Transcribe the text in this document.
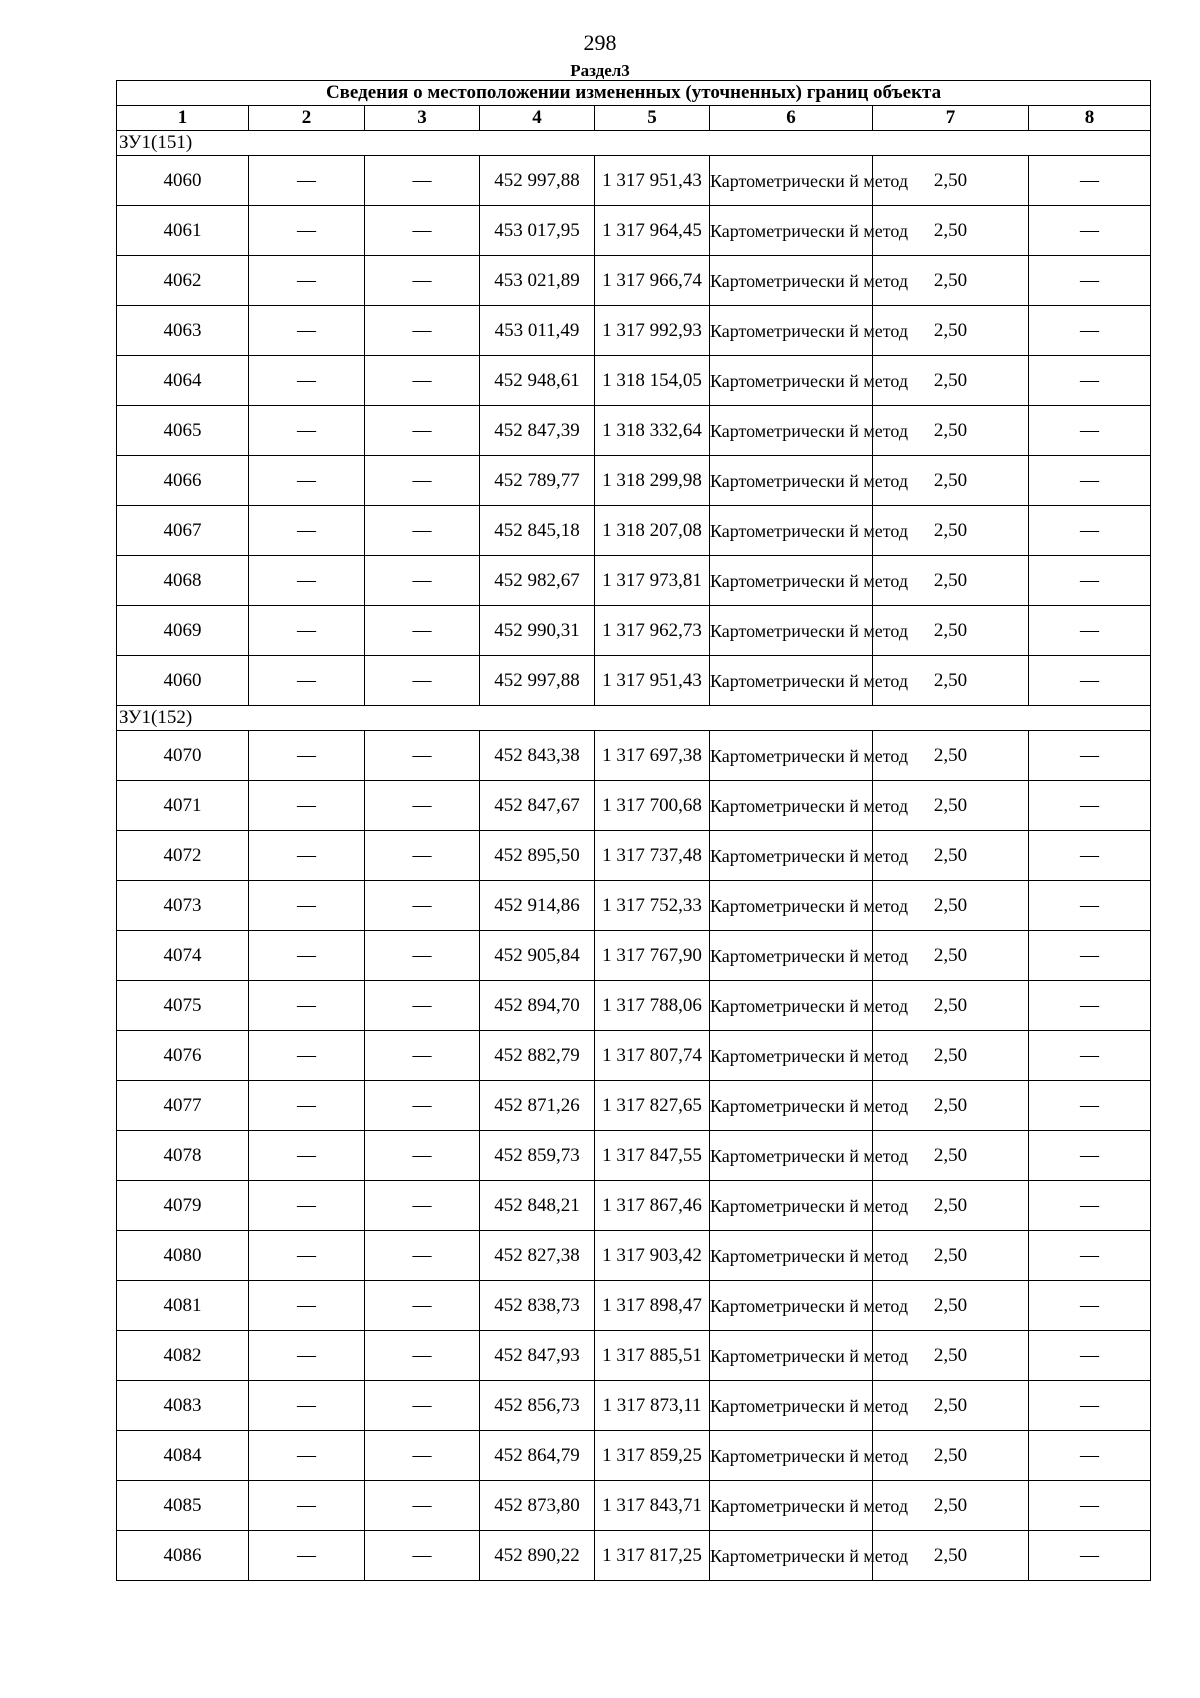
298
Раздел3
Сведения о местоположении измененных (уточненных) границ объекта							
1	2	3	4	5	6	7	8
ЗУ1(151)							
4060	—	—	452 997,88	1 317 951,43	Картометрически й метод	2,50	—
4061	—	—	453 017,95	1 317 964,45	Картометрически й метод	2,50	—
4062	—	—	453 021,89	1 317 966,74	Картометрически й метод	2,50	—
4063	—	—	453 011,49	1 317 992,93	Картометрически й метод	2,50	—
4064	—	—	452 948,61	1 318 154,05	Картометрически й метод	2,50	—
4065	—	—	452 847,39	1 318 332,64	Картометрически й метод	2,50	—
4066	—	—	452 789,77	1 318 299,98	Картометрически й метод	2,50	—
4067	—	—	452 845,18	1 318 207,08	Картометрически й метод	2,50	—
4068	—	—	452 982,67	1 317 973,81	Картометрически й метод	2,50	—
4069	—	—	452 990,31	1 317 962,73	Картометрически й метод	2,50	—
4060	—	—	452 997,88	1 317 951,43	Картометрически й метод	2,50	—
ЗУ1(152)							
4070	—	—	452 843,38	1 317 697,38	Картометрически й метод	2,50	—
4071	—	—	452 847,67	1 317 700,68	Картометрически й метод	2,50	—
4072	—	—	452 895,50	1 317 737,48	Картометрически й метод	2,50	—
4073	—	—	452 914,86	1 317 752,33	Картометрически й метод	2,50	—
4074	—	—	452 905,84	1 317 767,90	Картометрически й метод	2,50	—
4075	—	—	452 894,70	1 317 788,06	Картометрически й метод	2,50	—
4076	—	—	452 882,79	1 317 807,74	Картометрически й метод	2,50	—
4077	—	—	452 871,26	1 317 827,65	Картометрически й метод	2,50	—
4078	—	—	452 859,73	1 317 847,55	Картометрически й метод	2,50	—
4079	—	—	452 848,21	1 317 867,46	Картометрически й метод	2,50	—
4080	—	—	452 827,38	1 317 903,42	Картометрически й метод	2,50	—
4081	—	—	452 838,73	1 317 898,47	Картометрически й метод	2,50	—
4082	—	—	452 847,93	1 317 885,51	Картометрически й метод	2,50	—
4083	—	—	452 856,73	1 317 873,11	Картометрически й метод	2,50	—
4084	—	—	452 864,79	1 317 859,25	Картометрически й метод	2,50	—
4085	—	—	452 873,80	1 317 843,71	Картометрически й метод	2,50	—
4086	—	—	452 890,22	1 317 817,25	Картометрически й метод	2,50	—
